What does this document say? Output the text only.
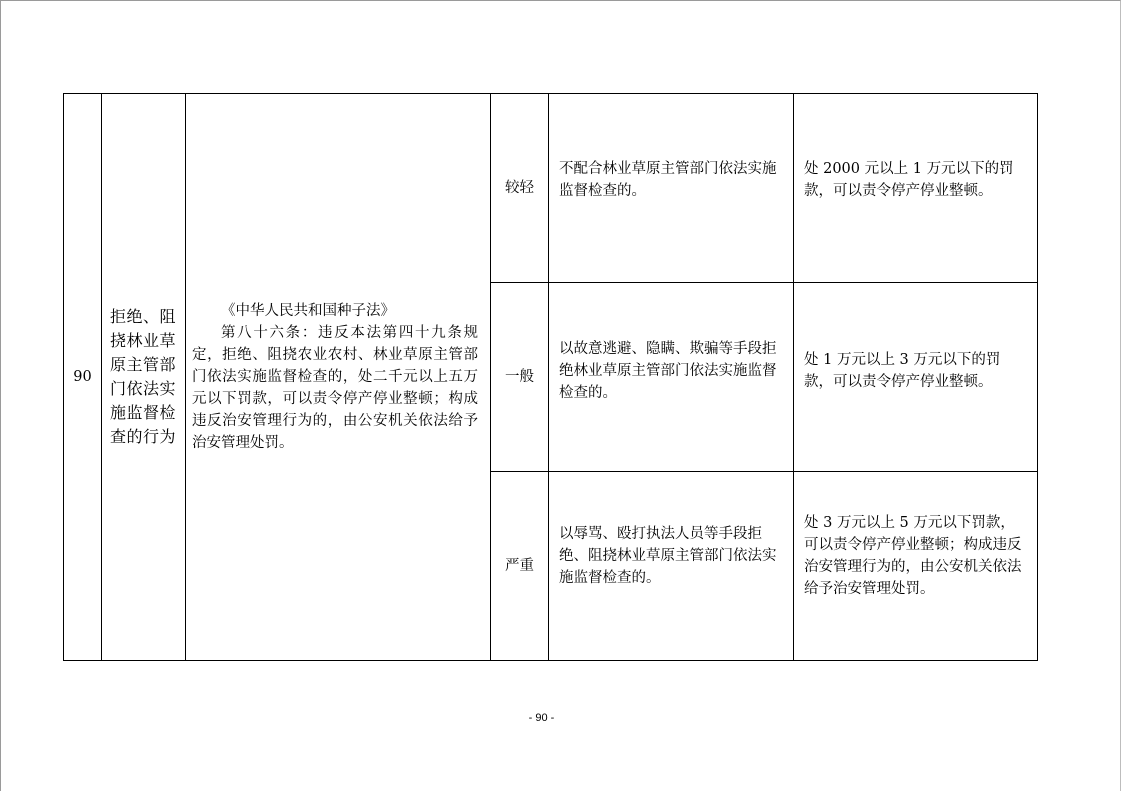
90	拒绝、阻挠林业草原主管部门依法实施监督检查的行为	《中华人民共和国种子法》
第八十六条：违反本法第四十九条规定，拒绝、阻挠农业农村、林业草原主管部门依法实施监督检查的，处二千元以上五万元以下罚款，可以责令停产停业整顿；构成违反治安管理行为的，由公安机关依法给予治安管理处罚。	较轻	不配合林业草原主管部门依法实施监督检查的。	处 2000 元以上 1 万元以下的罚款，可以责令停产停业整顿。

			一般	以故意逃避、隐瞒、欺骗等手段拒绝林业草原主管部门依法实施监督检查的。	处 1 万元以上 3 万元以下的罚款，可以责令停产停业整顿。

			严重	以辱骂、殴打执法人员等手段拒绝、阻挠林业草原主管部门依法实施监督检查的。	处 3 万元以上 5 万元以下罚款，可以责令停产停业整顿；构成违反治安管理行为的，由公安机关依法给予治安管理处罚。
- 90 -
